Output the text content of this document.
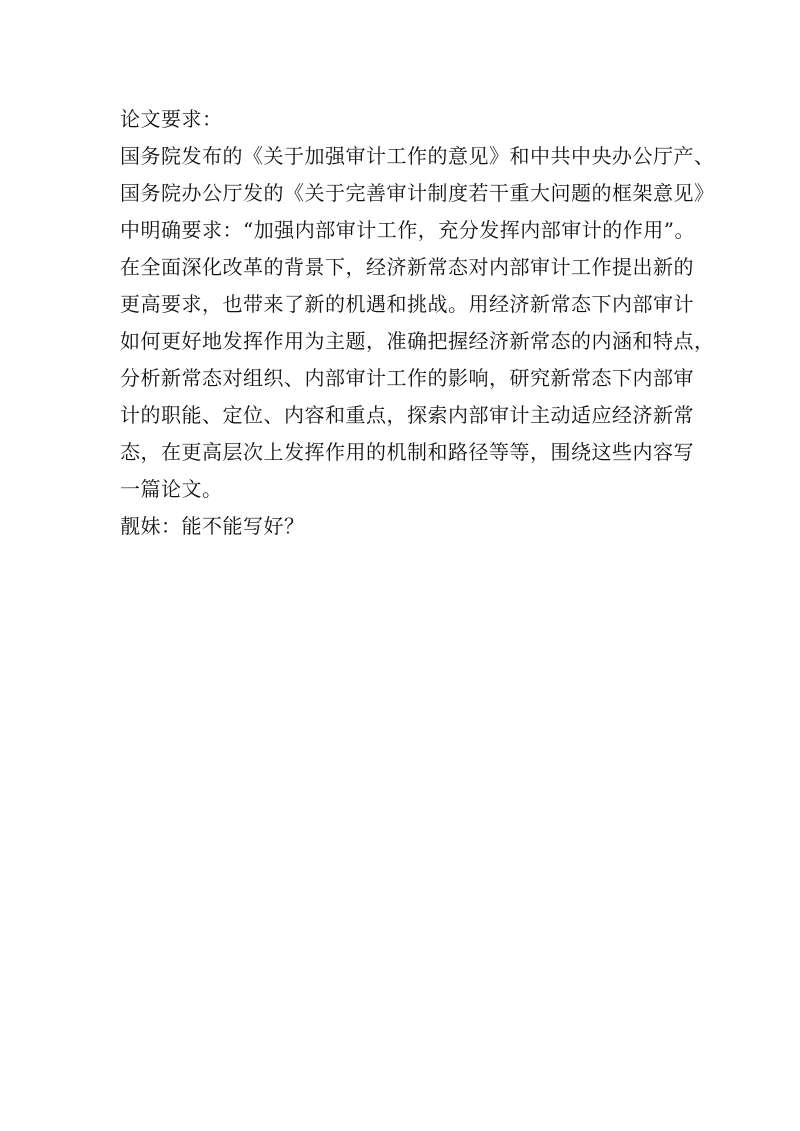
论文要求：
国务院发布的《关于加强审计工作的意见》和中共中央办公厅产、
国务院办公厅发的《关于完善审计制度若干重大问题的框架意见》
中明确要求：“加强内部审计工作，充分发挥内部审计的作用”。
在全面深化改革的背景下，经济新常态对内部审计工作提出新的
更高要求，也带来了新的机遇和挑战。用经济新常态下内部审计
如何更好地发挥作用为主题，准确把握经济新常态的内涵和特点，
分析新常态对组织、内部审计工作的影响，研究新常态下内部审
计的职能、定位、内容和重点，探索内部审计主动适应经济新常
态，在更高层次上发挥作用的机制和路径等等，围绕这些内容写
一篇论文。
靓妹：能不能写好？
